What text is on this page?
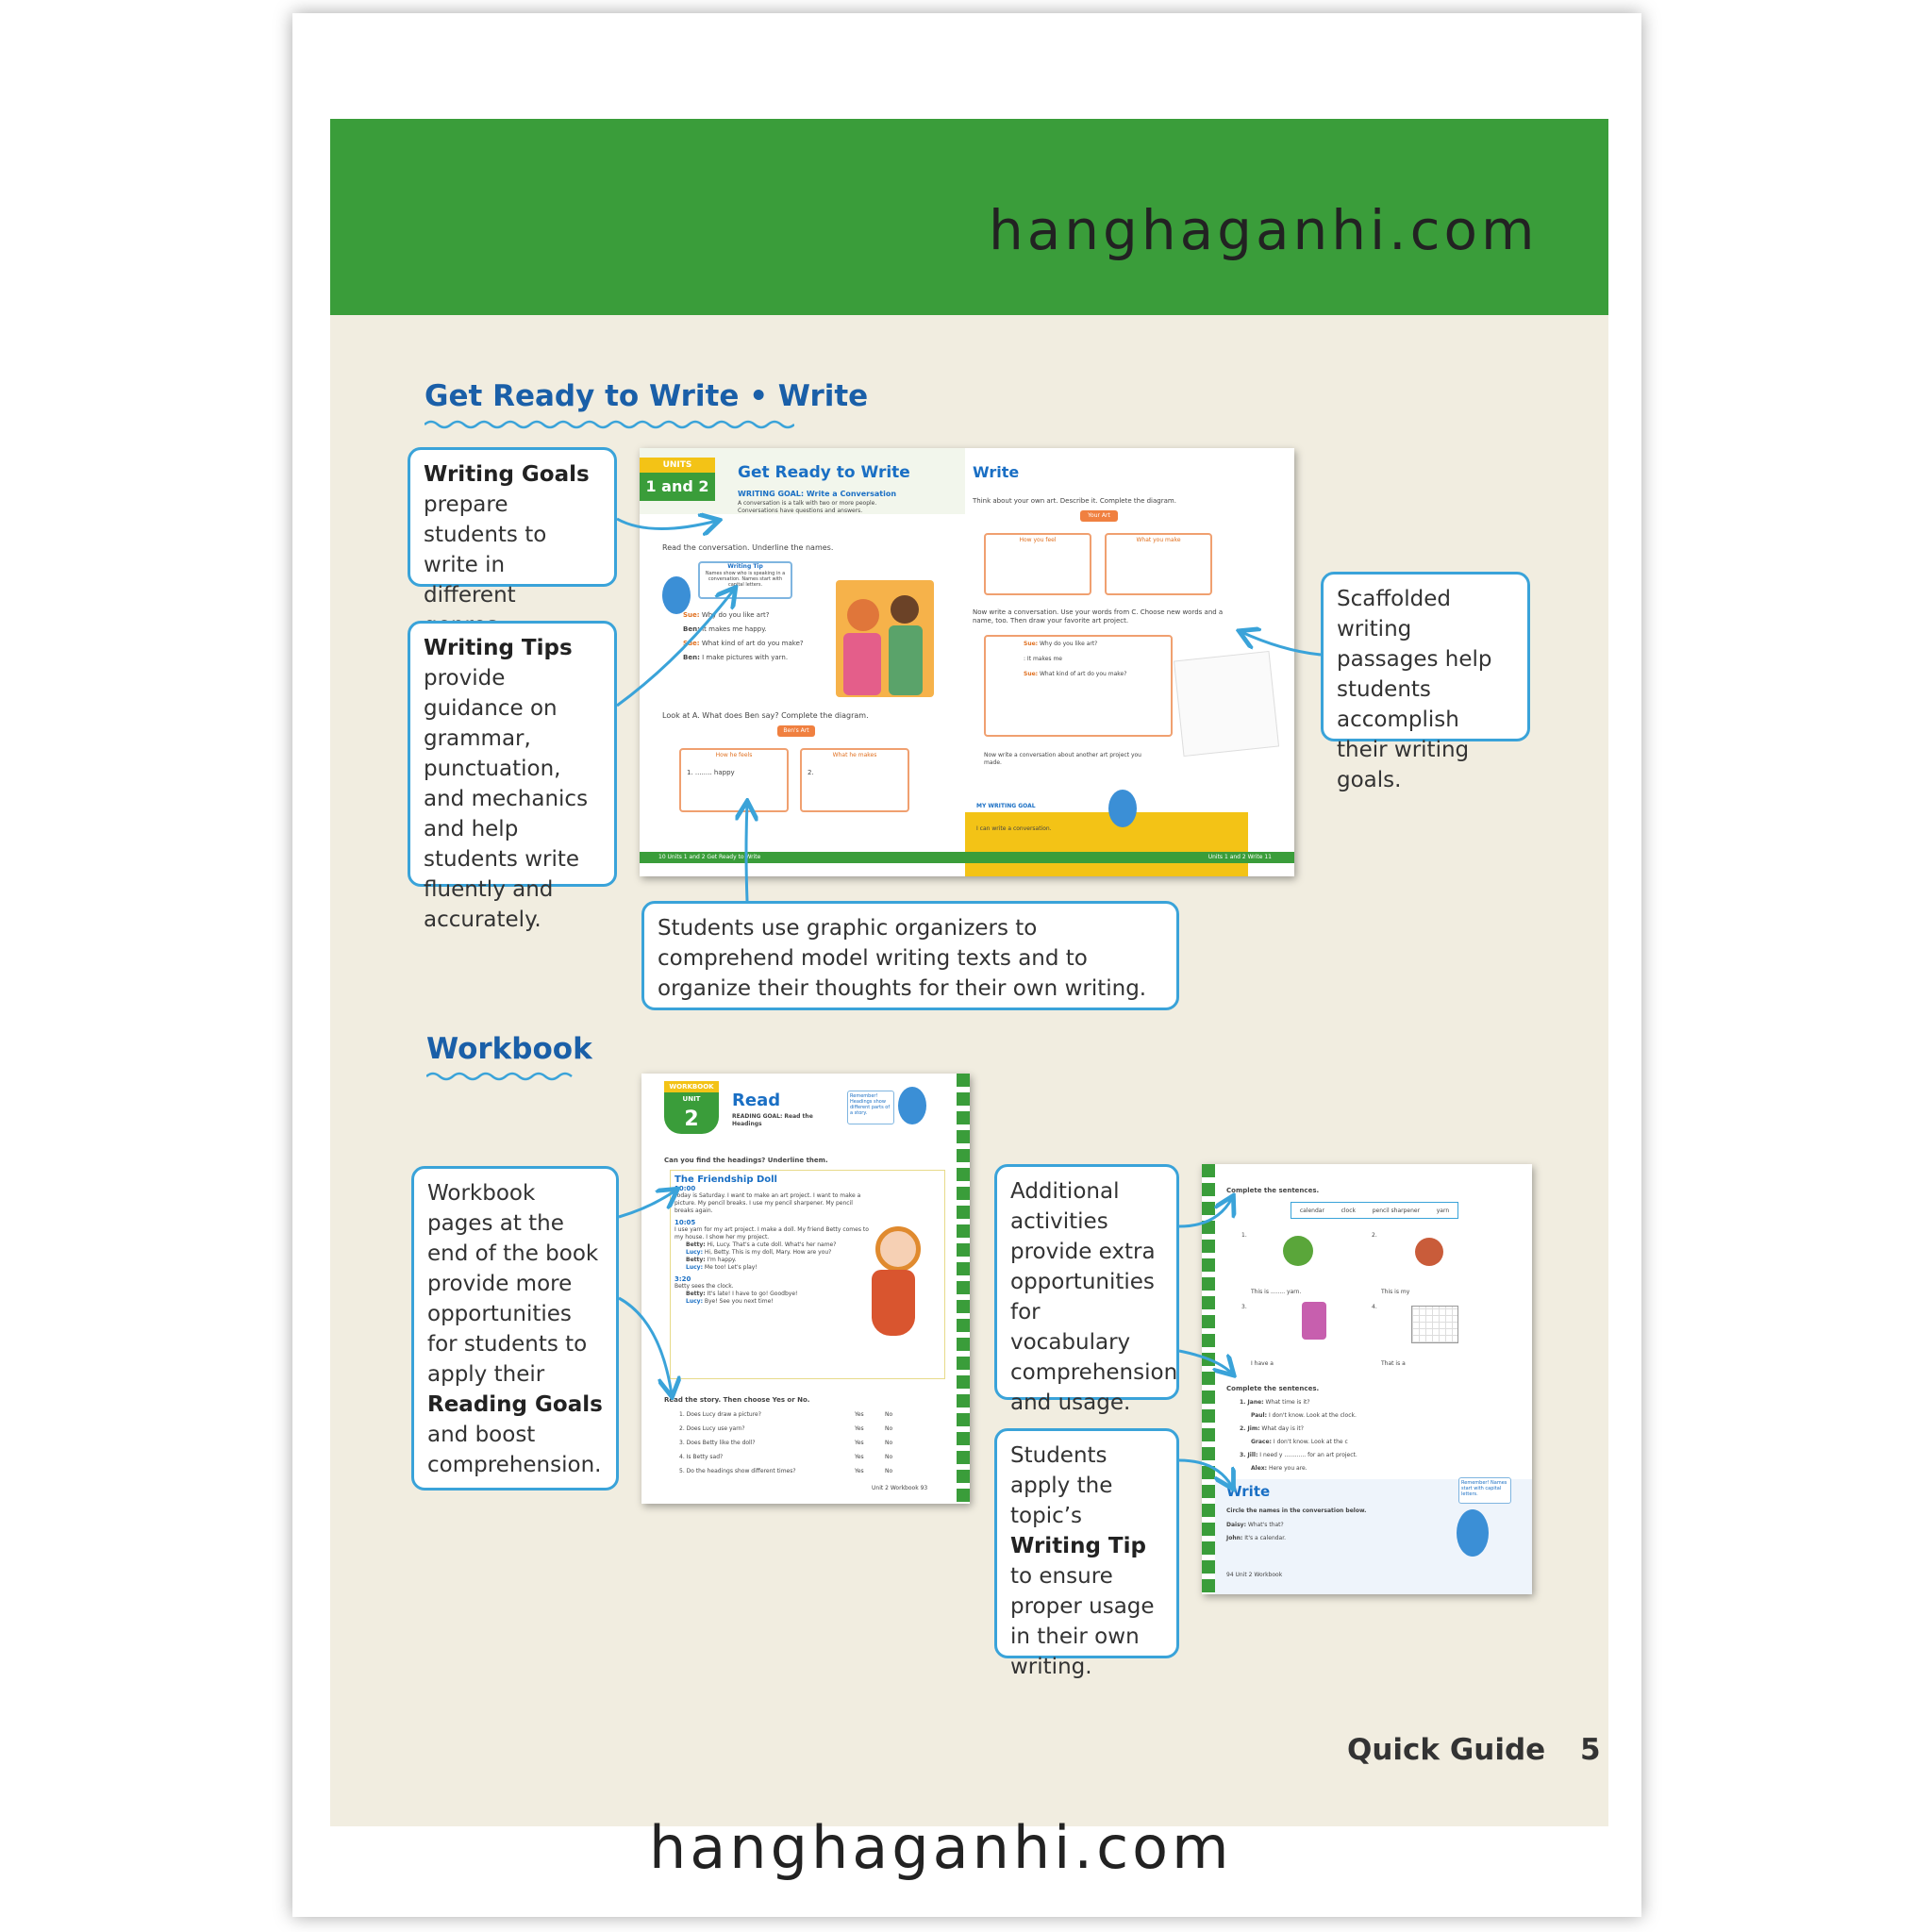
hanghaganhi.com
Get Ready to Write • Write
Writing Goals
prepare students to write in different
Writing Tips
provide guidance on grammar, punctuation, and mechanics and help students write fluently and accurately.
Scaffolded writing passages help students accomplish their writing goals.
Students use graphic organizers to comprehend model writing texts and to organize their thoughts for their own writing.
UNITS
1 and 2
Get Ready to Write
WRITING GOAL: Write a Conversation
A conversation is a talk with two or more people. Conversations have questions and answers.
Read the conversation. Underline the names.
Writing Tip
Names show who is speaking in a conversation. Names start with capital letters.
Sue: Why do you like art?
Ben: It makes me happy.
Sue: What kind of art do you make?
Ben: I make pictures with yarn.
Look at A. What does Ben say? Complete the diagram.
Ben's Art
How he feels
1. ........ happy
What he makes
2.
10 Units 1 and 2 Get Ready to Write
Write
Think about your own art. Describe it. Complete the diagram.
Your Art
How you feel	What you make
Now write a conversation. Use your words from C. Choose new words and a name, too. Then draw your favorite art project.
Sue: Why do you like art?
: It makes me
Sue: What kind of art do you make?
Now write a conversation about another art project you made.
MY WRITING GOAL
I can write a conversation.
Units 1 and 2 Write 11
Workbook
WORKBOOK
UNIT
2
Read
READING GOAL: Read the Headings
Remember! Headings show different parts of a story.
Can you find the headings? Underline them.
The Friendship Doll
10:00
Today is Saturday. I want to make an art project. I want to make a picture. My pencil breaks. I use my pencil sharpener. My pencil breaks again.
10:05
I use yarn for my art project. I make a doll. My friend Betty comes to my house. I show her my project.
Betty: Hi, Lucy. That's a cute doll. What's her name?
Lucy: Hi, Betty. This is my doll, Mary. How are you?
Betty: I'm happy.
Lucy: Me too! Let's play!
3:20
Betty sees the clock.
Betty: It's late! I have to go! Goodbye!
Lucy: Bye! See you next time!
Read the story. Then choose Yes or No.
1. Does Lucy draw a picture?	Yes	No
2. Does Lucy use yarn?	Yes	No
3. Does Betty like the doll?	Yes	No
4. Is Betty sad?	Yes	No
5. Do the headings show different times?	Yes	No
Unit 2 Workbook 93
Complete the sentences.
calendar	clock	pencil sharpener	yarn
1.	2.
This is ........ yarn.	This is my
3.	4.
I have a	That is a
Complete the sentences.
1. Jane: What time is it?
Paul: I don't know. Look at the clock.
2. Jim: What day is it?
Grace: I don't know. Look at the c
3. Jill: I need y ............ for an art project.
Alex: Here you are.
Write
Circle the names in the conversation below.
Daisy: What's that?
John: It's a calendar.
Remember! Names start with capital letters.
94 Unit 2 Workbook
Workbook pages at the end of the book provide more opportunities for students to apply their Reading Goals and boost comprehension.
Additional activities provide extra opportunities for vocabulary comprehension and usage.
Students apply the topic’s Writing Tip to ensure proper usage in their own writing.
Quick Guide 5
hanghaganhi.com
